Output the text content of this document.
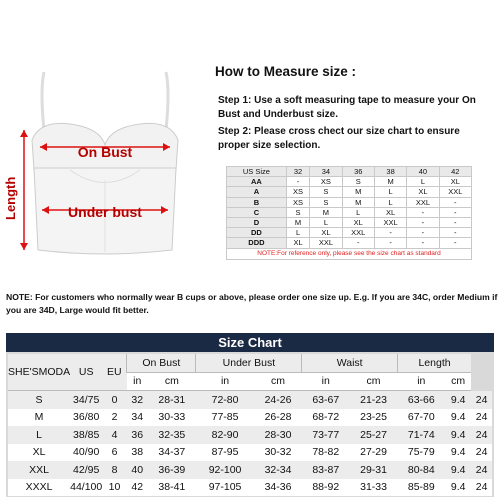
On Bust
Under bust
Length
How to Measure size :
Step 1: Use a soft measuring tape to measure your On Bust and Underbust size.
Step 2: Please cross chect our size chart to ensure proper size selection.
US Size	32	34	36	38	40	42
AA	-	XS	S	M	L	XL
A	XS	S	M	L	XL	XXL
B	XS	S	M	L	XXL	-
C	S	M	L	XL	-	-
D	M	L	XL	XXL	-	-
DD	L	XL	XXL	-	-	-
DDD	XL	XXL	-	-	-	-
NOTE:For reference only, please see the size chart as standard
NOTE: For customers who normally wear B cups or above, please order one size up. E.g. If you are 34C, order Medium if you are 34D, Large would fit better.
Size Chart
SHE'SMODA	US	EU	On Bust		Under Bust		Waist		Length		
			in	cm	in	cm	in	cm	in	cm	
S	34/75	0	32	28-31	72-80	24-26	63-67	21-23	63-66	9.4	24
M	36/80	2	34	30-33	77-85	26-28	68-72	23-25	67-70	9.4	24
L	38/85	4	36	32-35	82-90	28-30	73-77	25-27	71-74	9.4	24
XL	40/90	6	38	34-37	87-95	30-32	78-82	27-29	75-79	9.4	24
XXL	42/95	8	40	36-39	92-100	32-34	83-87	29-31	80-84	9.4	24
XXXL	44/100	10	42	38-41	97-105	34-36	88-92	31-33	85-89	9.4	24
